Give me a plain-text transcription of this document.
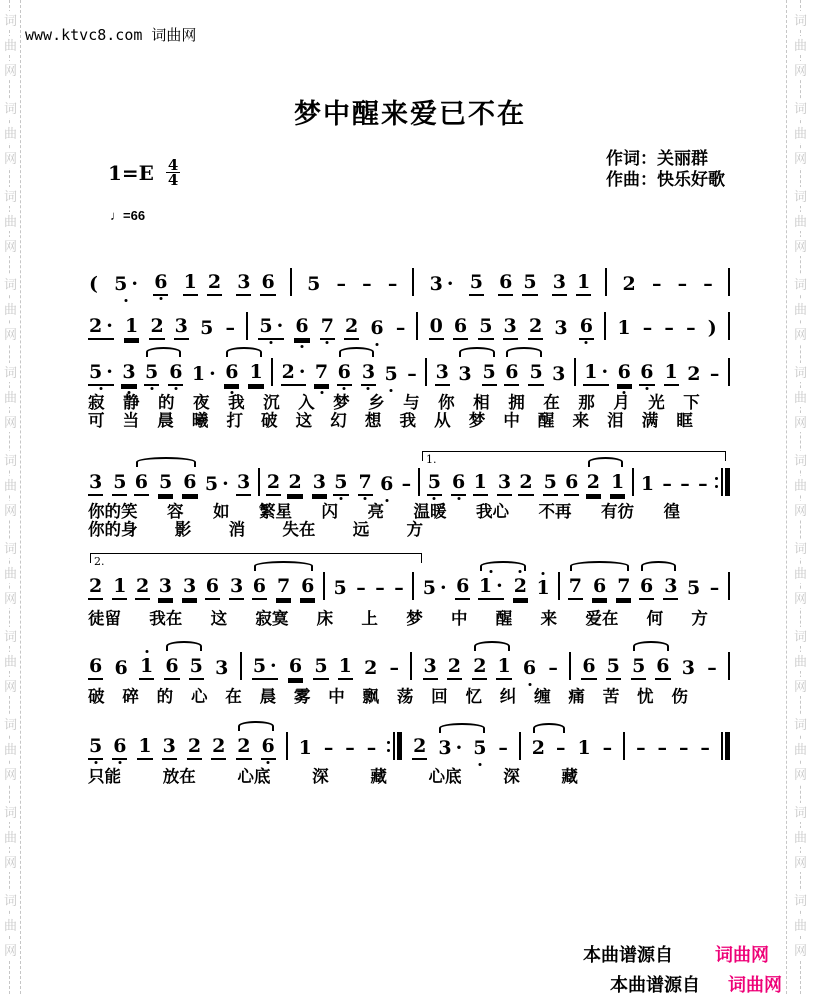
www.ktvc8.com 词曲网
梦中醒来爱已不在
作词：关丽群
作曲：快乐好歌
$1=E \frac{4}{4}$
♩=66
本曲谱源自 词曲网
本曲谱源自 词曲网
( 5 · 6 1 2 3 6 5 – – – 3 · 5 6 5 3 1 2 – – –
2 · 1 2 3 5 – 5 · 6 7 2 6 – 0 6 5 3 2 3 6 1 – – – )
5 · 3 5 6 1 · 6 1 2 · 7 6 3 5 – 3 3 5 6 5 3 1 · 6 6 1 2 –
3 5 6 5 6 5 · 3 2 2 3 5 7 6 – 5 6 1 3 2 5 6 2 1 1 – – –
1.
2 1 2 3 3 6 3 6 7 6 5 – – – 5 · 6 1 · 2 1 7 6 7 6 3 5 –
2.
6 6 1 6 5 3 5 · 6 5 1 2 – 3 2 2 1 6 – 6 5 5 6 3 –
5 6 1 3 2 2 2 6 1 – – – 2 3 · 5 – 2 – 1 – – – – –
寂 静 的 夜 我 沉 入 梦 乡 与 你 相 拥 在 那 月 光 下
可 当 晨 曦 打 破 这 幻 想 我 从 梦 中 醒 来 泪 满 眶
你的笑 容 如 繁星 闪 亮 温暖 我心 不再 有彷 徨
你的身 影 消 失在 远 方
徒留 我在 这 寂寞 床 上 梦 中 醒 来 爱在 何 方
破 碎 的 心 在 晨 雾 中 飘 荡 回 忆 纠 缠 痛 苦 忧 伤
只能	放在	心底	深	藏	心底	深	藏
词
曲
网
词
曲
网
词
曲
网
词
曲
网
词
曲
网
词
曲
网
词
曲
网
词
曲
网
词
曲
网
词
曲
网
词
曲
网
词
曲
网
词
曲
网
词
曲
网
词
曲
网
词
曲
网
词
曲
网
词
曲
网
词
曲
网
词
曲
网
词
曲
网
词
曲
网
